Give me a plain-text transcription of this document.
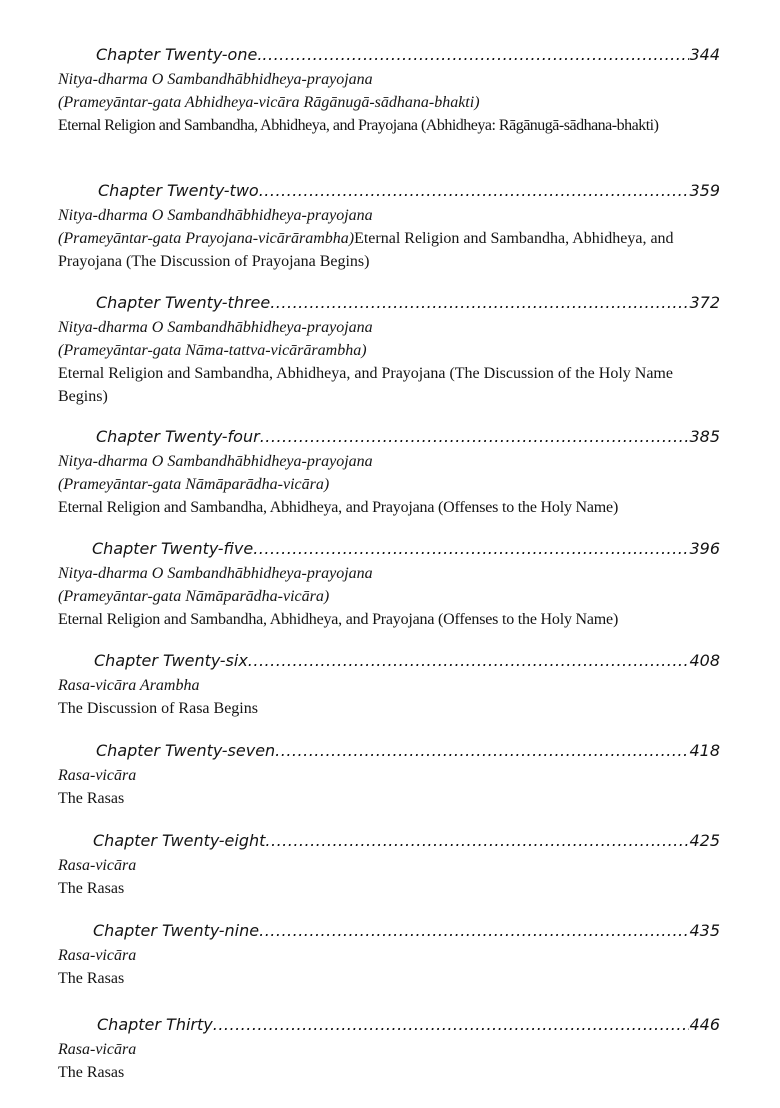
Chapter Twenty-one. .....	344

Nitya-dharma O Sambandhābhidheya-prayojana

(Prameyāntar-gata Abhidheya-vicāra Rāgānugā-sādhana-bhakti)

Eternal Religion and Sambandha, Abhidheya, and Prayojana (Abhidheya: Rāgānugā-sādhana-bhakti)

Chapter Twenty-two .....	359

Nitya-dharma O Sambandhābhidheya-prayojana

(Prameyāntar-gata Prayojana-vicārārambha)Eternal Religion and Sambandha, Abhidheya, and Prayojana (The Discussion of Prayojana Begins)

Chapter Twenty-three .....	372

Nitya-dharma O Sambandhābhidheya-prayojana

(Prameyāntar-gata Nāma-tattva-vicārārambha)

Eternal Religion and Sambandha, Abhidheya, and Prayojana (The Discussion of the Holy Name Begins)

Chapter Twenty-four .....	385

Nitya-dharma O Sambandhābhidheya-prayojana

(Prameyāntar-gata Nāmāparādha-vicāra)

Eternal Religion and Sambandha, Abhidheya, and Prayojana (Offenses to the Holy Name)

Chapter Twenty-five .....	396

Nitya-dharma O Sambandhābhidheya-prayojana

(Prameyāntar-gata Nāmāparādha-vicāra)

Eternal Religion and Sambandha, Abhidheya, and Prayojana (Offenses to the Holy Name)

Chapter Twenty-six .....	408

Rasa-vicāra Arambha

The Discussion of Rasa Begins

Chapter Twenty-seven .....	418

Rasa-vicāra

The Rasas

Chapter Twenty-eight .....	425

Rasa-vicāra

The Rasas

Chapter Twenty-nine .....	435

Rasa-vicāra

The Rasas

Chapter Thirty .....	446

Rasa-vicāra

The Rasas
